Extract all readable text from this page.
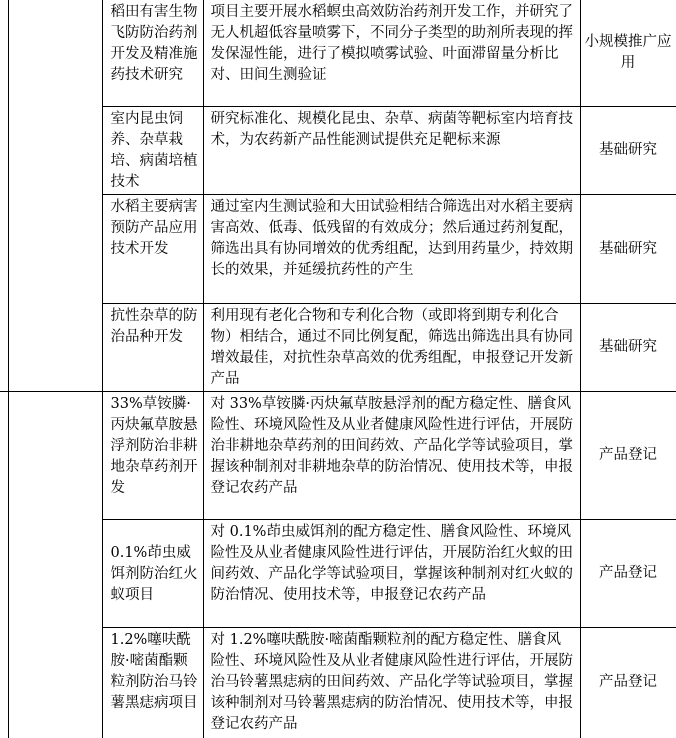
		稻田有害生物飞防防治药剂开发及精准施药技术研究	项目主要开展水稻螟虫高效防治药剂开发工作，并研究了无人机超低容量喷雾下，不同分子类型的助剂所表现的挥发保湿性能，进行了模拟喷雾试验、叶面滞留量分析比对、田间生测验证	小规模推广应用
		室内昆虫饲养、杂草栽培、病菌培植技术	研究标准化、规模化昆虫、杂草、病菌等靶标室内培育技术，为农药新产品性能测试提供充足靶标来源	基础研究
		水稻主要病害预防产品应用技术开发	通过室内生测试验和大田试验相结合筛选出对水稻主要病害高效、低毒、低残留的有效成分；然后通过药剂复配，筛选出具有协同增效的优秀组配，达到用药量少，持效期长的效果，并延缓抗药性的产生	基础研究
		抗性杂草的防治品种开发	利用现有老化合物和专利化合物（或即将到期专利化合物）相结合，通过不同比例复配，筛选出筛选出具有协同增效最佳，对抗性杂草高效的优秀组配，申报登记开发新产品	基础研究
		33%草铵膦·丙炔氟草胺悬浮剂防治非耕地杂草药剂开发	对 33%草铵膦·丙炔氟草胺悬浮剂的配方稳定性、膳食风险性、环境风险性及从业者健康风险性进行评估，开展防治非耕地杂草药剂的田间药效、产品化学等试验项目，掌握该种制剂对非耕地杂草的防治情况、使用技术等，申报登记农药产品	产品登记
		0.1%茚虫威饵剂防治红火蚁项目	对 0.1%茚虫威饵剂的配方稳定性、膳食风险性、环境风险性及从业者健康风险性进行评估，开展防治红火蚁的田间药效、产品化学等试验项目，掌握该种制剂对红火蚁的防治情况、使用技术等，申报登记农药产品	产品登记
		1.2%噻呋酰胺·嘧菌酯颗粒剂防治马铃薯黑痣病项目	对 1.2%噻呋酰胺·嘧菌酯颗粒剂的配方稳定性、膳食风险性、环境风险性及从业者健康风险性进行评估，开展防治马铃薯黑痣病的田间药效、产品化学等试验项目，掌握该种制剂对马铃薯黑痣病的防治情况、使用技术等，申报登记农药产品	产品登记
